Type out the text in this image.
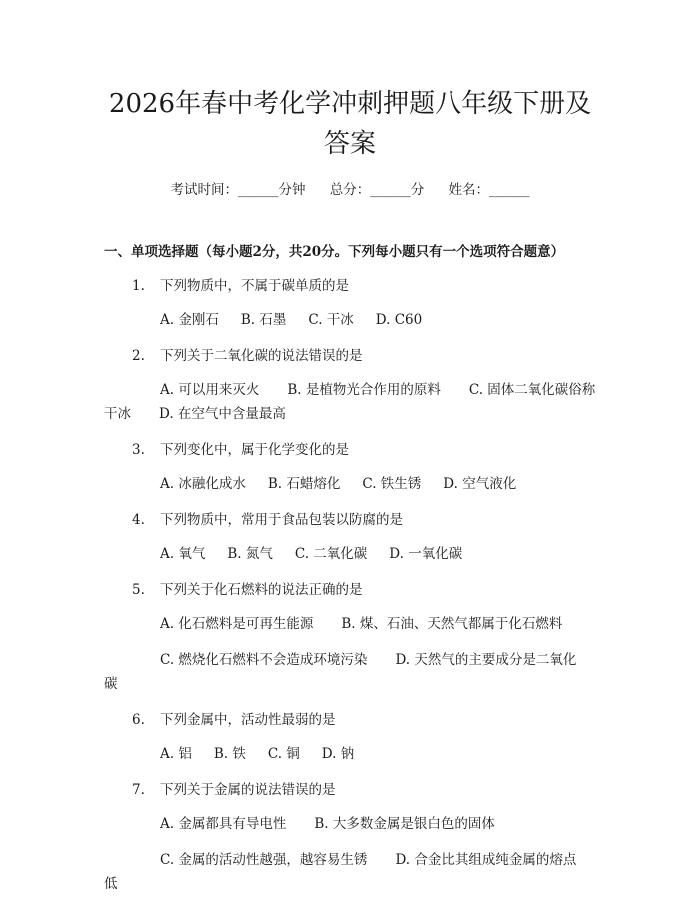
2026年春中考化学冲刺押题八年级下册及答案
考试时间：______分钟 总分：______分 姓名：______
一、单项选择题（每小题2分，共20分。下列每小题只有一个选项符合题意）
1. 下列物质中，不属于碳单质的是
A. 金刚石 B. 石墨 C. 干冰 D. C60
2. 下列关于二氧化碳的说法错误的是
A. 可以用来灭火 B. 是植物光合作用的原料 C. 固体二氧化碳俗称干冰 D. 在空气中含量最高
3. 下列变化中，属于化学变化的是
A. 冰融化成水 B. 石蜡熔化 C. 铁生锈 D. 空气液化
4. 下列物质中，常用于食品包装以防腐的是
A. 氧气 B. 氮气 C. 二氧化碳 D. 一氧化碳
5. 下列关于化石燃料的说法正确的是
A. 化石燃料是可再生能源 B. 煤、石油、天然气都属于化石燃料
C. 燃烧化石燃料不会造成环境污染 D. 天然气的主要成分是二氧化碳
6. 下列金属中，活动性最弱的是
A. 铝 B. 铁 C. 铜 D. 钠
7. 下列关于金属的说法错误的是
A. 金属都具有导电性 B. 大多数金属是银白色的固体
C. 金属的活动性越强，越容易生锈 D. 合金比其组成纯金属的熔点低
